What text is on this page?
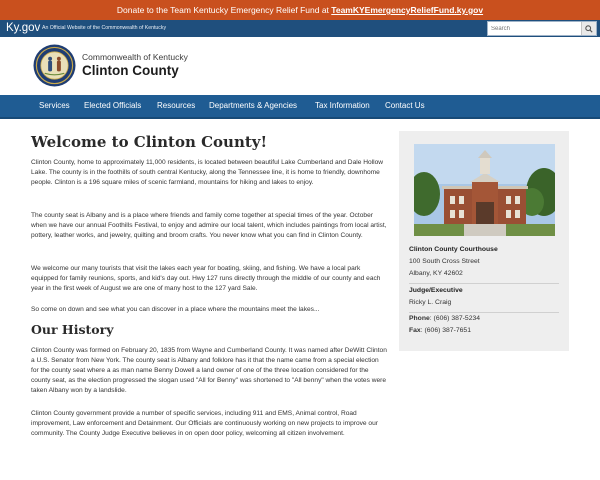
Donate to the Team Kentucky Emergency Relief Fund at TeamKYEmergencyReliefFund.ky.gov
Ky.gov An Official Website of the Commonwealth of Kentucky
Search
Commonwealth of Kentucky
Clinton County
Services Elected Officials Resources Departments & Agencies Tax Information Contact Us
Welcome to Clinton County!

Clinton County, home to approximately 11,000 residents, is located between beautiful Lake Cumberland and Dale Hollow Lake. The county is in the foothills of south central Kentucky, along the Tennessee line, it is home to friendly, downhome people. Clinton is a 196 square miles of scenic farmland, mountains for hiking and lakes to enjoy.

The county seat is Albany and is a place where friends and family come together at special times of the year. October when we have our annual Foothills Festival, to enjoy and admire our local talent, which includes paintings from local artist, pottery, leather works, and jewelry, quilting and broom crafts. You never know what you can find in Clinton County.

We welcome our many tourists that visit the lakes each year for boating, skiing, and fishing. We have a local park equipped for family reunions, sports, and kid's day out. Hwy 127 runs directly through the middle of our county and each year in the first week of August we are one of many host to the 127 yard Sale.

So come on down and see what you can discover in a place where the mountains meet the lakes...

Our History

Clinton County was formed on February 20, 1835 from Wayne and Cumberland County. It was named after DeWitt Clinton a U.S. Senator from New York. The county seat is Albany and folklore has it that the name came from a special election for the county seat where a as man name Benny Dowell a land owner of one of the three location considered for the county seat, as the election progressed the slogan used "All for Benny" was shortened to "All benny" when the votes were taken Albany won by a landslide.

Clinton County government provide a number of specific services, including 911 and EMS, Animal control, Road improvement, Law enforcement and Detainment. Our Officials are continuously working on new projects to improve our community. The County Judge Executive believes in on open door policy, welcoming all citizen involvement.

Clinton County Courthouse
100 South Cross Street
Albany, KY 42602
Judge/Executive
Ricky L. Craig
Phone: (606) 387-5234
Fax: (606) 387-7651
